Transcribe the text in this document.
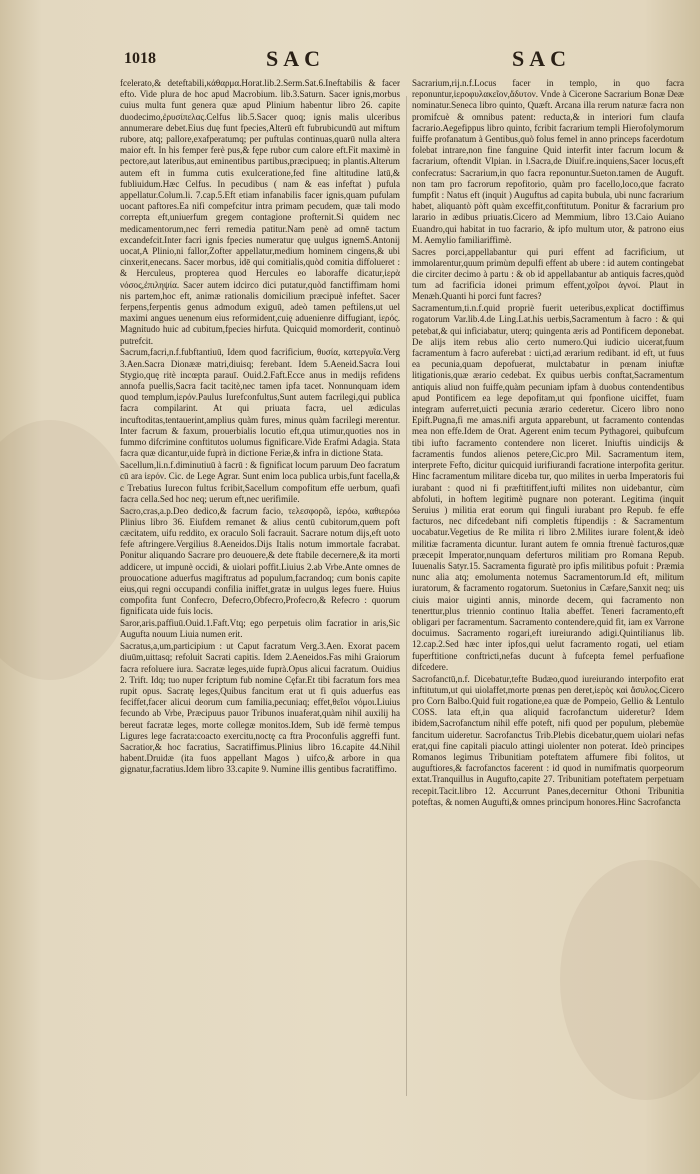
1018	SAC	SAC

fcelerato,& deteftabili,κάθαρμα.Horat.lib.2.Serm.Sat.6.Ineftabilis & facer efto. Vide plura de hoc apud Macrobium. lib.3.Saturn. Sacer ignis,morbus cuius multa funt genera quæ apud Plinium habentur libro 26. capite duodecimo,ἐρυσίπελας.Celfus lib.5.Sacer quoq; ignis malis ulceribus annumerare debet.Eius duę funt fpecies,Alterū eft fubrubicundū aut miftum rubore, atq; pallore,exafperatumq; per puftulas continuas,quarū nulla altera maior eft. In his femper ferè pus,& fępe rubor cum calore eft.Fit maximè in pectore,aut lateribus,aut eminentibus partibus,præcipueq; in plantis.Alterum autem eft in fumma cutis exulceratione,fed fine altitudine latū,& fubliuidum.Hæc Celfus. In pecudibus ( nam & eas infeftat ) pufula appellatur.Colum.li. 7.cap.5.Eft etiam infanabilis facer ignis,quam pufulam uocant paftores.Ea nifi compefcitur intra primam pecudem, quæ tali modo correpta eft,uniuerfum gregem contagione profternit.Si quidem nec medicamentorum,nec ferri remedia patitur.Nam penè ad omnē tactum excandefcit.Inter facri ignis fpecies numeratur quę uulgus ignemS.Antonij uocat,A Plinio,ni fallor,Zofter appellatur,medium hominem cingens,& ubi cinxerit,enecans. Sacer morbus, idē qui comitialis,quòd comitia diffolueret : & Herculeus, propterea quod Hercules eo laboraffe dicatur,ἱερὰ νόσος,ἐπιληψία. Sacer autem idcirco dici putatur,quòd fanctiffimam homi nis partem,hoc eft, animæ rationalis domicilium præcipuè infeftet. Sacer ferpens,ferpentis genus admodum exiguū, adeò tamen peftilens,ut uel maximi angues uenenum eius reformident,cuię aduenienre diffugiant, ἱερός. Magnitudo huic ad cubitum,fpecies hirfuta. Quicquid momorderit, continuò putrefcit.

Sacrum,facri,n.f.fubftantiuū, Idem quod facrificium, θυσία, κατεργυῖα.Verg 3.Aen.Sacra Dionææ matri,diuisq; ferebant. Idem 5.Aeneid.Sacra Ioui Stygio,quę ritè incœpta parauī. Ouid.2.Faft.Ecce anus in medijs refidens annofa puellis,Sacra facit tacitè,nec tamen ipfa tacet. Nonnunquam idem quod templum,ἱερόν.Paulus Iurefconfultus,Sunt autem facrilegi,qui publica facra compilarint. At qui priuata facra, uel ædiculas incuftoditas,tentauerint,amplius quàm fures, minus quàm facrilegi merentur. Inter facrum & faxum, prouerbialis locutio eft,qua utimur,quoties nos in fummo difcrimine conftitutos uolumus fignificare.Vide Erafmi Adagia. Stata facra quæ dicantur,uide fuprà in dictione Feriæ,& infra in dictione Stata.

Sacellum,li.n.f.diminutiuū à facrū : & fignificat locum paruum Deo facratum cū ara ἱερόν. Cic. de Lege Agrar. Sunt enim loca publica urbis,funt facella,& c Trebatius Iurecon fultus fcribit,Sacellum compofitum effe uerbum, quafi facra cella.Sed hoc neq; uerum eft,nec uerifimile.

Sacro,cras,a.p.Deo dedico,& facrum facio, τελεσφορῶ, ἱερόω, καθιερόω Plinius libro 36. Eiufdem remanet & alius centū cubitorum,quem poft cæcitatem, uifu reddito, ex oraculo Soli facrauit. Sacrare notum dijs,eft uoto fefe aftringere.Vergilius 8.Aeneidos.Dijs Italis notum immortale facrabat. Ponitur aliquando Sacrare pro deuouere,& dete ftabile decernere,& ita morti addicere, ut impunè occidi, & uiolari poffit.Liuius 2.ab Vrbe.Ante omnes de prouocatione aduerfus magiftratus ad populum,facrandoq; cum bonis capite eius,qui regni occupandi confilia iniffet,gratæ in uulgus leges fuere. Huius compofita funt Confecro, Defecro,Obfecro,Profecro,& Refecro : quorum fignificata uide fuis locis.

Saror,aris.paffiuū.Ouid.1.Faft.Vtq; ego perpetuis olim facratior in aris,Sic Augufta nouum Liuia numen erit.

Sacratus,a,um,participium : ut Caput facratum Verg.3.Aen. Exorat pacem diuūm,uittasq; refoluit Sacrati capitis. Idem 2.Aeneidos.Fas mihi Graiorum facra refoluere iura. Sacratæ leges,uide fuprà.Opus alicui facratum. Ouidius 2. Trift. Idq; tuo nuper fcriptum fub nomine Cęfar.Et tibi facratum fors mea rupit opus. Sacratę leges,Quibus fancitum erat ut fi quis aduerfus eas feciffet,facer alicui deorum cum familia,pecuniaq; effet,θεῖοι νόμοι.Liuius fecundo ab Vrbe, Præcipuus pauor Tribunos inuaferat,quàm nihil auxilij ha bereut facratæ leges, morte collegæ monitos.Idem, Sub idē fermè tempus Ligures lege facrata:coacto exercitu,noctę ca ftra Proconfulis aggreffi funt. Sacratior,& hoc facratius, Sacratiffimus.Plinius libro 16.capite 44.Nihil habent.Druidæ (ita fuos appellant Magos ) uifco,& arbore in qua gignatur,facratius.Idem libro 33.capite 9. Numine illis gentibus facratiffimo.

Sacrarium,rij.n.f.Locus facer in templo, in quo facra reponuntur,ἱεροφυλακεῖον,ἄδυτον. Vnde à Cicerone Sacrarium Bonæ Deæ nominatur.Seneca libro quinto, Quæft. Arcana illa rerum naturæ facra non promifcuè & omnibus patent: reducta,& in interiori fum claufa facrario.Aegefippus libro quinto, fcribit facrarium templi Hierofolymorum fuiffe profanatum à Gentibus,quò folus femel in anno princeps facerdotum folebat intrare,non fine fanguine Quid interfit inter facrum locum & facrarium, oftendit Vlpian. in l.Sacra,de Diuif.re.inquiens,Sacer locus,eft confecratus: Sacrarium,in quo facra reponuntur.Sueton.tamen de Auguft. non tam pro facrorum repofitorio, quàm pro facello,loco,que facrato fumpfit : Natus eft (inquit ) Auguftus ad capita bubula, ubi nunc facrarium habet, aliquantò pòft quàm exceffit,conftitutum. Ponitur & facrarium pro larario in ædibus priuatis.Cicero ad Memmium, libro 13.Caio Auiano Euandro,qui habitat in tuo facrario, & ipfo multum utor, & patrono eius M. Aemylio familiariffimè.

Sacres porci,appellabantur qui puri effent ad facrificium, ut immolarentur,quum primùm depulfi effent ab ubere : id autem contingebat die circiter decimo à partu : & ob id appellabantur ab antiquis facres,quòd tum ad facrificia idonei primum effent,χοῖροι ἁγνοί. Plaut in Menæh.Quanti hi porci funt facres?

Sacramentum,ti.n.f.quid propriè fuerit ueteribus,explicat doctiffimus rogatorum Var.lib.4.de Ling.Lat.his uerbis,Sacramentum à facro : & qui petebat,& qui infìciabatur, uterq; quingenta æris ad Pontificem deponebat. De alijs item rebus alio certo numero.Qui iudicio uicerat,fuum facramentum à facro auferebat : uicti,ad ærarium redibant. id eft, ut fuus ea pecunia,quam depofuerat, mulctabatur in pœnam iniuftæ litigationis,quæ ærario cedebat. Ex quibus uerbis conftat,Sacramentum antiquis aliud non fuiffe,quàm pecuniam ipfam à duobus contendentibus apud Pontificem ea lege depofitam,ut qui fponfione uiciffet, fuam integram auferret,uicti pecunia ærario cederetur. Cicero libro nono Epift.Pugna,fi me amas.nifi arguta apparebunt, ut facramento contendas mea non effe.Idem de Orat. Agerent enim tecum Pythagorei, quibufcum tibi iufto facramento contendere non liceret. Iniuftis uindicijs & facramentis fundos alienos petere,Cic.pro Mil. Sacramentum item, interprete Fefto, dicitur quicquid iurifiurandi facratione interpofita geritur. Hinc facramentum militare diceba tur, quo milites in uerba Imperatoris fui iurabant : quod ni fi præftitiffent,iufti milites non uidebantur, cùm abfoluti, in hoftem legitimè pugnare non poterant. Legitima (inquit Seruius ) militia erat eorum qui finguli iurabant pro Repub. fe effe facturos, nec difcedebant nifi completis ftipendijs : & Sacramentum uocabatur.Vegetius de Re milita ri libro 2.Milites iurare folent,& ideò militiæ facramenta dicuntur. Iurant autem fe omnia ftrenuè facturos,quæ præcepit Imperator,nunquam deferturos militiam pro Romana Repub. Iuuenalis Satyr.15. Sacramenta figuratè pro ipfis militibus pofuit : Præmia nunc alia atq; emolumenta notemus Sacramentorum.Id eft, militum iuratorum, & facramento rogatorum. Suetonius in Cæfare,Sanxit neq; uis ciuis maior uiginti annis, minorde decem, qui facramento non tenerttur,plus triennio continuo Italia abeffet. Teneri facramento,eft obligari per facramentum. Sacramento contendere,quid fit, iam ex Varrone docuimus. Sacramento rogari,eft iureiurando adigi.Quintilianus lib. 12.cap.2.Sed hæc inter ipfos,qui uelut facramento rogati, uel etiam fuperftitione conftricti,nefas ducunt à fufcepta femel perfuafione difcedere.

Sacrofanctū,n.f. Dicebatur,tefte Budæo,quod iureiurando interpofito erat inftitutum,ut qui uiolaffet,morte pœnas pen deret,ἱερὸς καὶ ἄσυλος.Cicero pro Corn Balbo.Quid fuit rogatione,ea quæ de Pompeio, Gellio & Lentulo COSS. lata eft,in qua aliquid facrofanctum uideretur? Idem ibidem,Sacrofanctum nihil effe poteft, nifi quod per populum, plebemùe fancitum uideretur. Sacrofanctus Trib.Plebis dicebatur,quem uiolari nefas erat,qui fine capitali piaculo attingi uiolenter non poterat. Ideò principes Romanos legimus Tribunitiam poteftatem affumere fibi folitos, ut auguftiores,& facrofanctos facerent : id quod in numifmatis quorpeorum extat.Tranquillus in Augufto,capite 27. Tribunitiam poteftatem perpetuam recepit.Tacit.libro 12. Accurrunt Panes,decernitur Othoni Tribunitia poteftas, & nomen Augufti,& omnes principum honores.Hinc Sacrofancta
